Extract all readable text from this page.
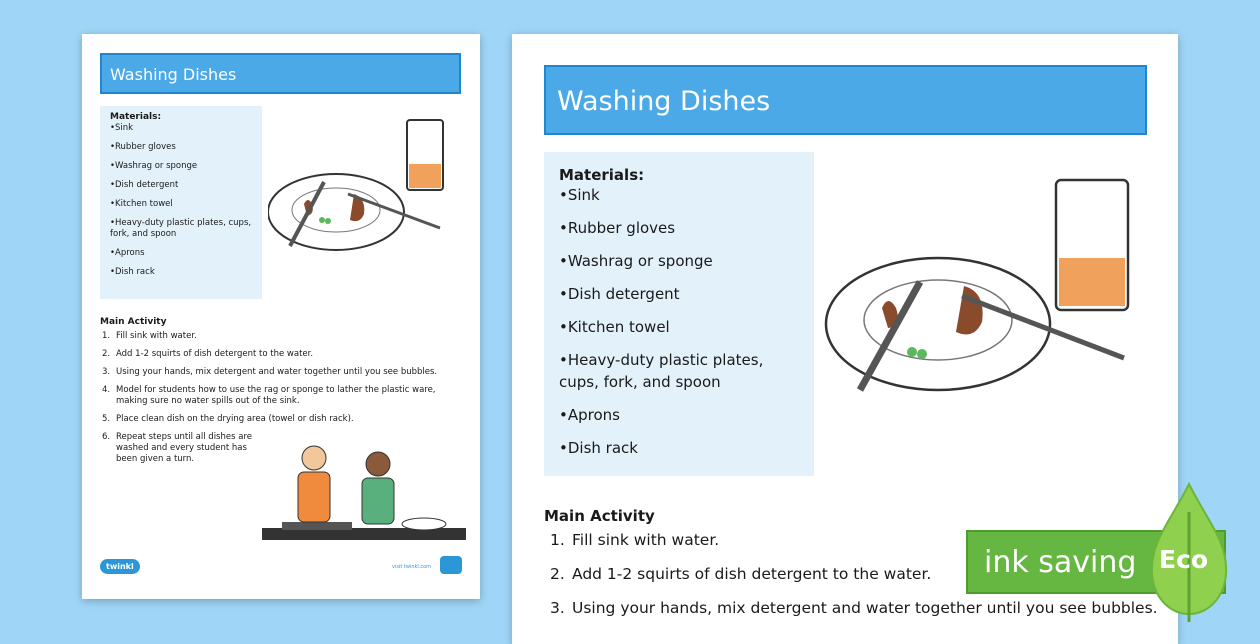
Washing Dishes
Materials:
•Sink
•Rubber gloves
•Washrag or sponge
•Dish detergent
•Kitchen towel
•Heavy-duty plastic plates, cups, fork, and spoon
•Aprons
•Dish rack
Main Activity
1. Fill sink with water.
2. Add 1-2 squirts of dish detergent to the water.
3. Using your hands, mix detergent and water together until you see bubbles.
4. Model for students how to use the rag or sponge to lather the plastic ware, making sure no water spills out of the sink.
5. Place clean dish on the drying area (towel or dish rack).
6. Repeat steps until all dishes are washed and every student has been given a turn.
twinkl	visit twinkl.com
Washing Dishes
Materials:
•Sink
•Rubber gloves
•Washrag or sponge
•Dish detergent
•Kitchen towel
•Heavy-duty plastic plates, cups, fork, and spoon
•Aprons
•Dish rack
Main Activity
1. Fill sink with water.
2. Add 1-2 squirts of dish detergent to the water.
3. Using your hands, mix detergent and water together until you see bubbles.
ink saving Eco
